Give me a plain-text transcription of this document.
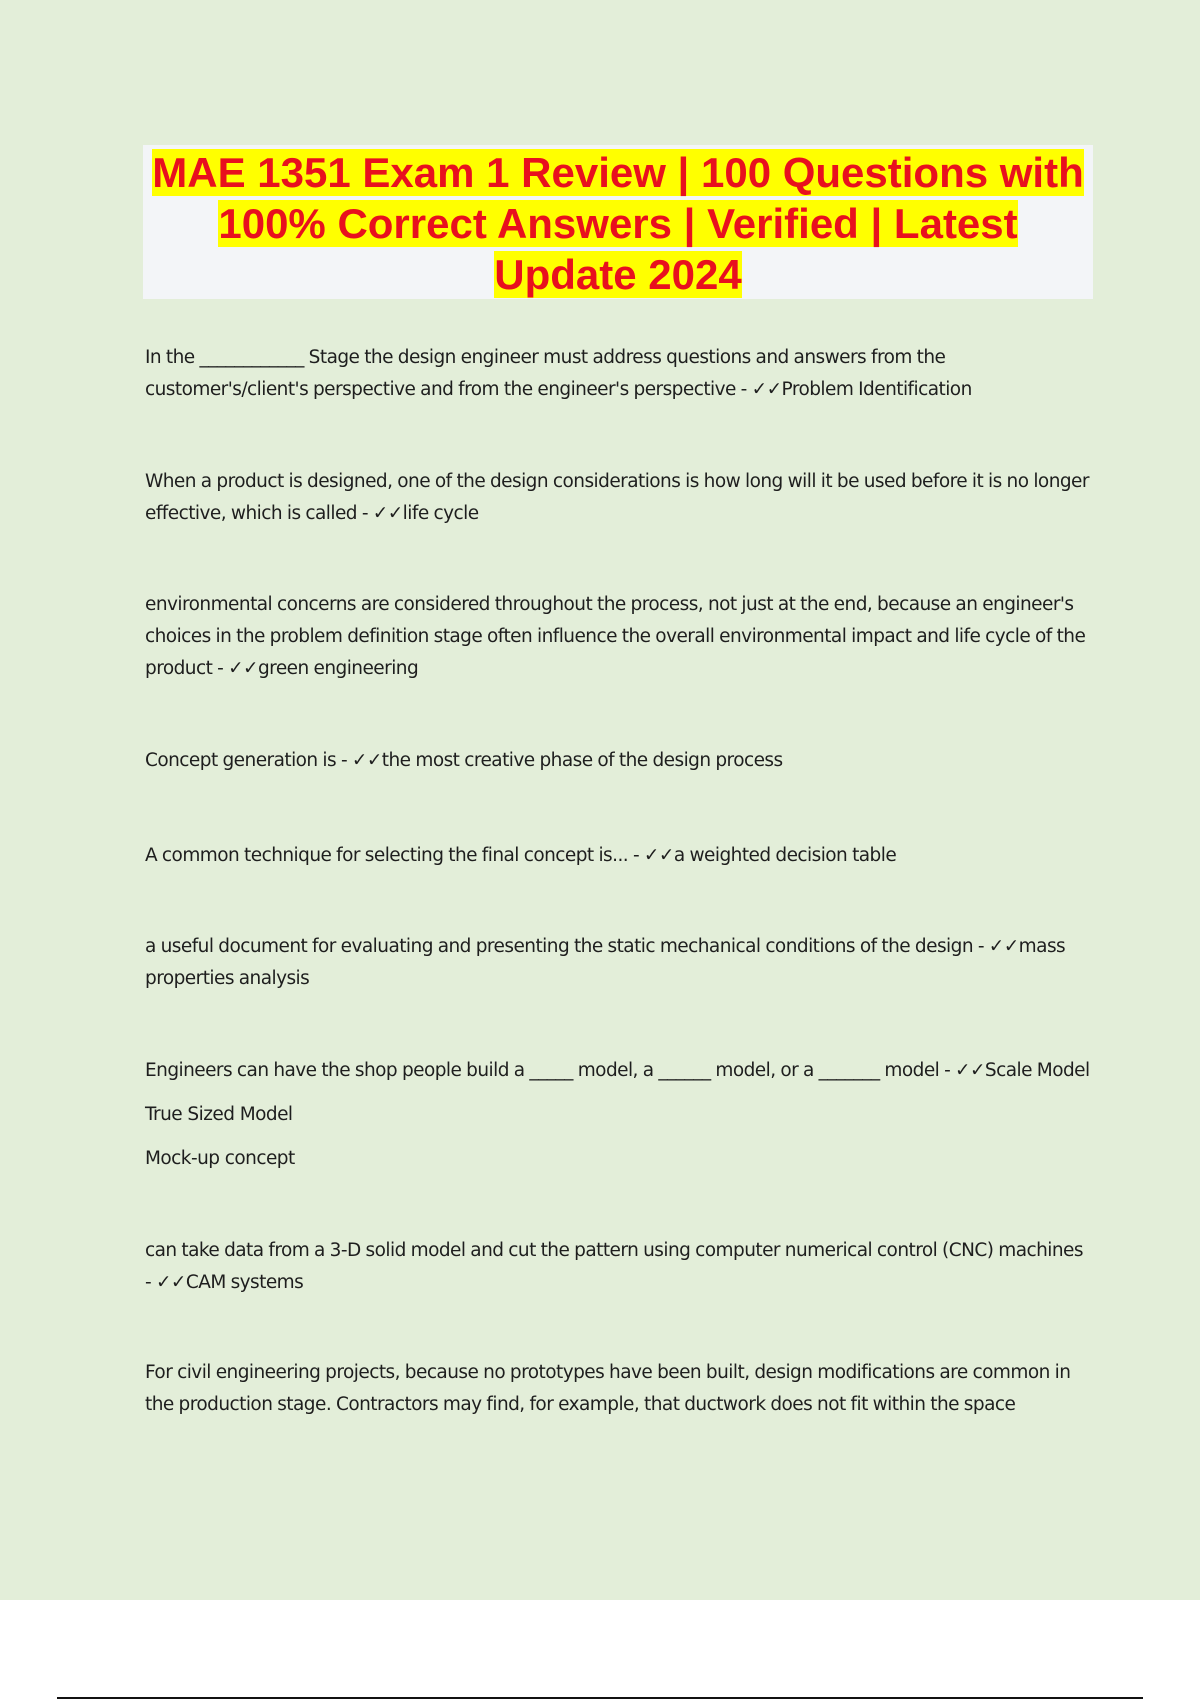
MAE 1351 Exam 1 Review | 100 Questions with 100% Correct Answers | Verified | Latest Update 2024
In the ____________ Stage the design engineer must address questions and answers from the customer's/client's perspective and from the engineer's perspective - ✓✓Problem Identification
When a product is designed, one of the design considerations is how long will it be used before it is no longer effective, which is called - ✓✓life cycle
environmental concerns are considered throughout the process, not just at the end, because an engineer's choices in the problem definition stage often influence the overall environmental impact and life cycle of the product - ✓✓green engineering
Concept generation is - ✓✓the most creative phase of the design process
A common technique for selecting the final concept is... - ✓✓a weighted decision table
a useful document for evaluating and presenting the static mechanical conditions of the design - ✓✓mass properties analysis
Engineers can have the shop people build a _____ model, a ______ model, or a _______ model - ✓✓Scale Model
True Sized Model
Mock-up concept
can take data from a 3-D solid model and cut the pattern using computer numerical control (CNC) machines - ✓✓CAM systems
For civil engineering projects, because no prototypes have been built, design modifications are common in the production stage. Contractors may find, for example, that ductwork does not fit within the space
